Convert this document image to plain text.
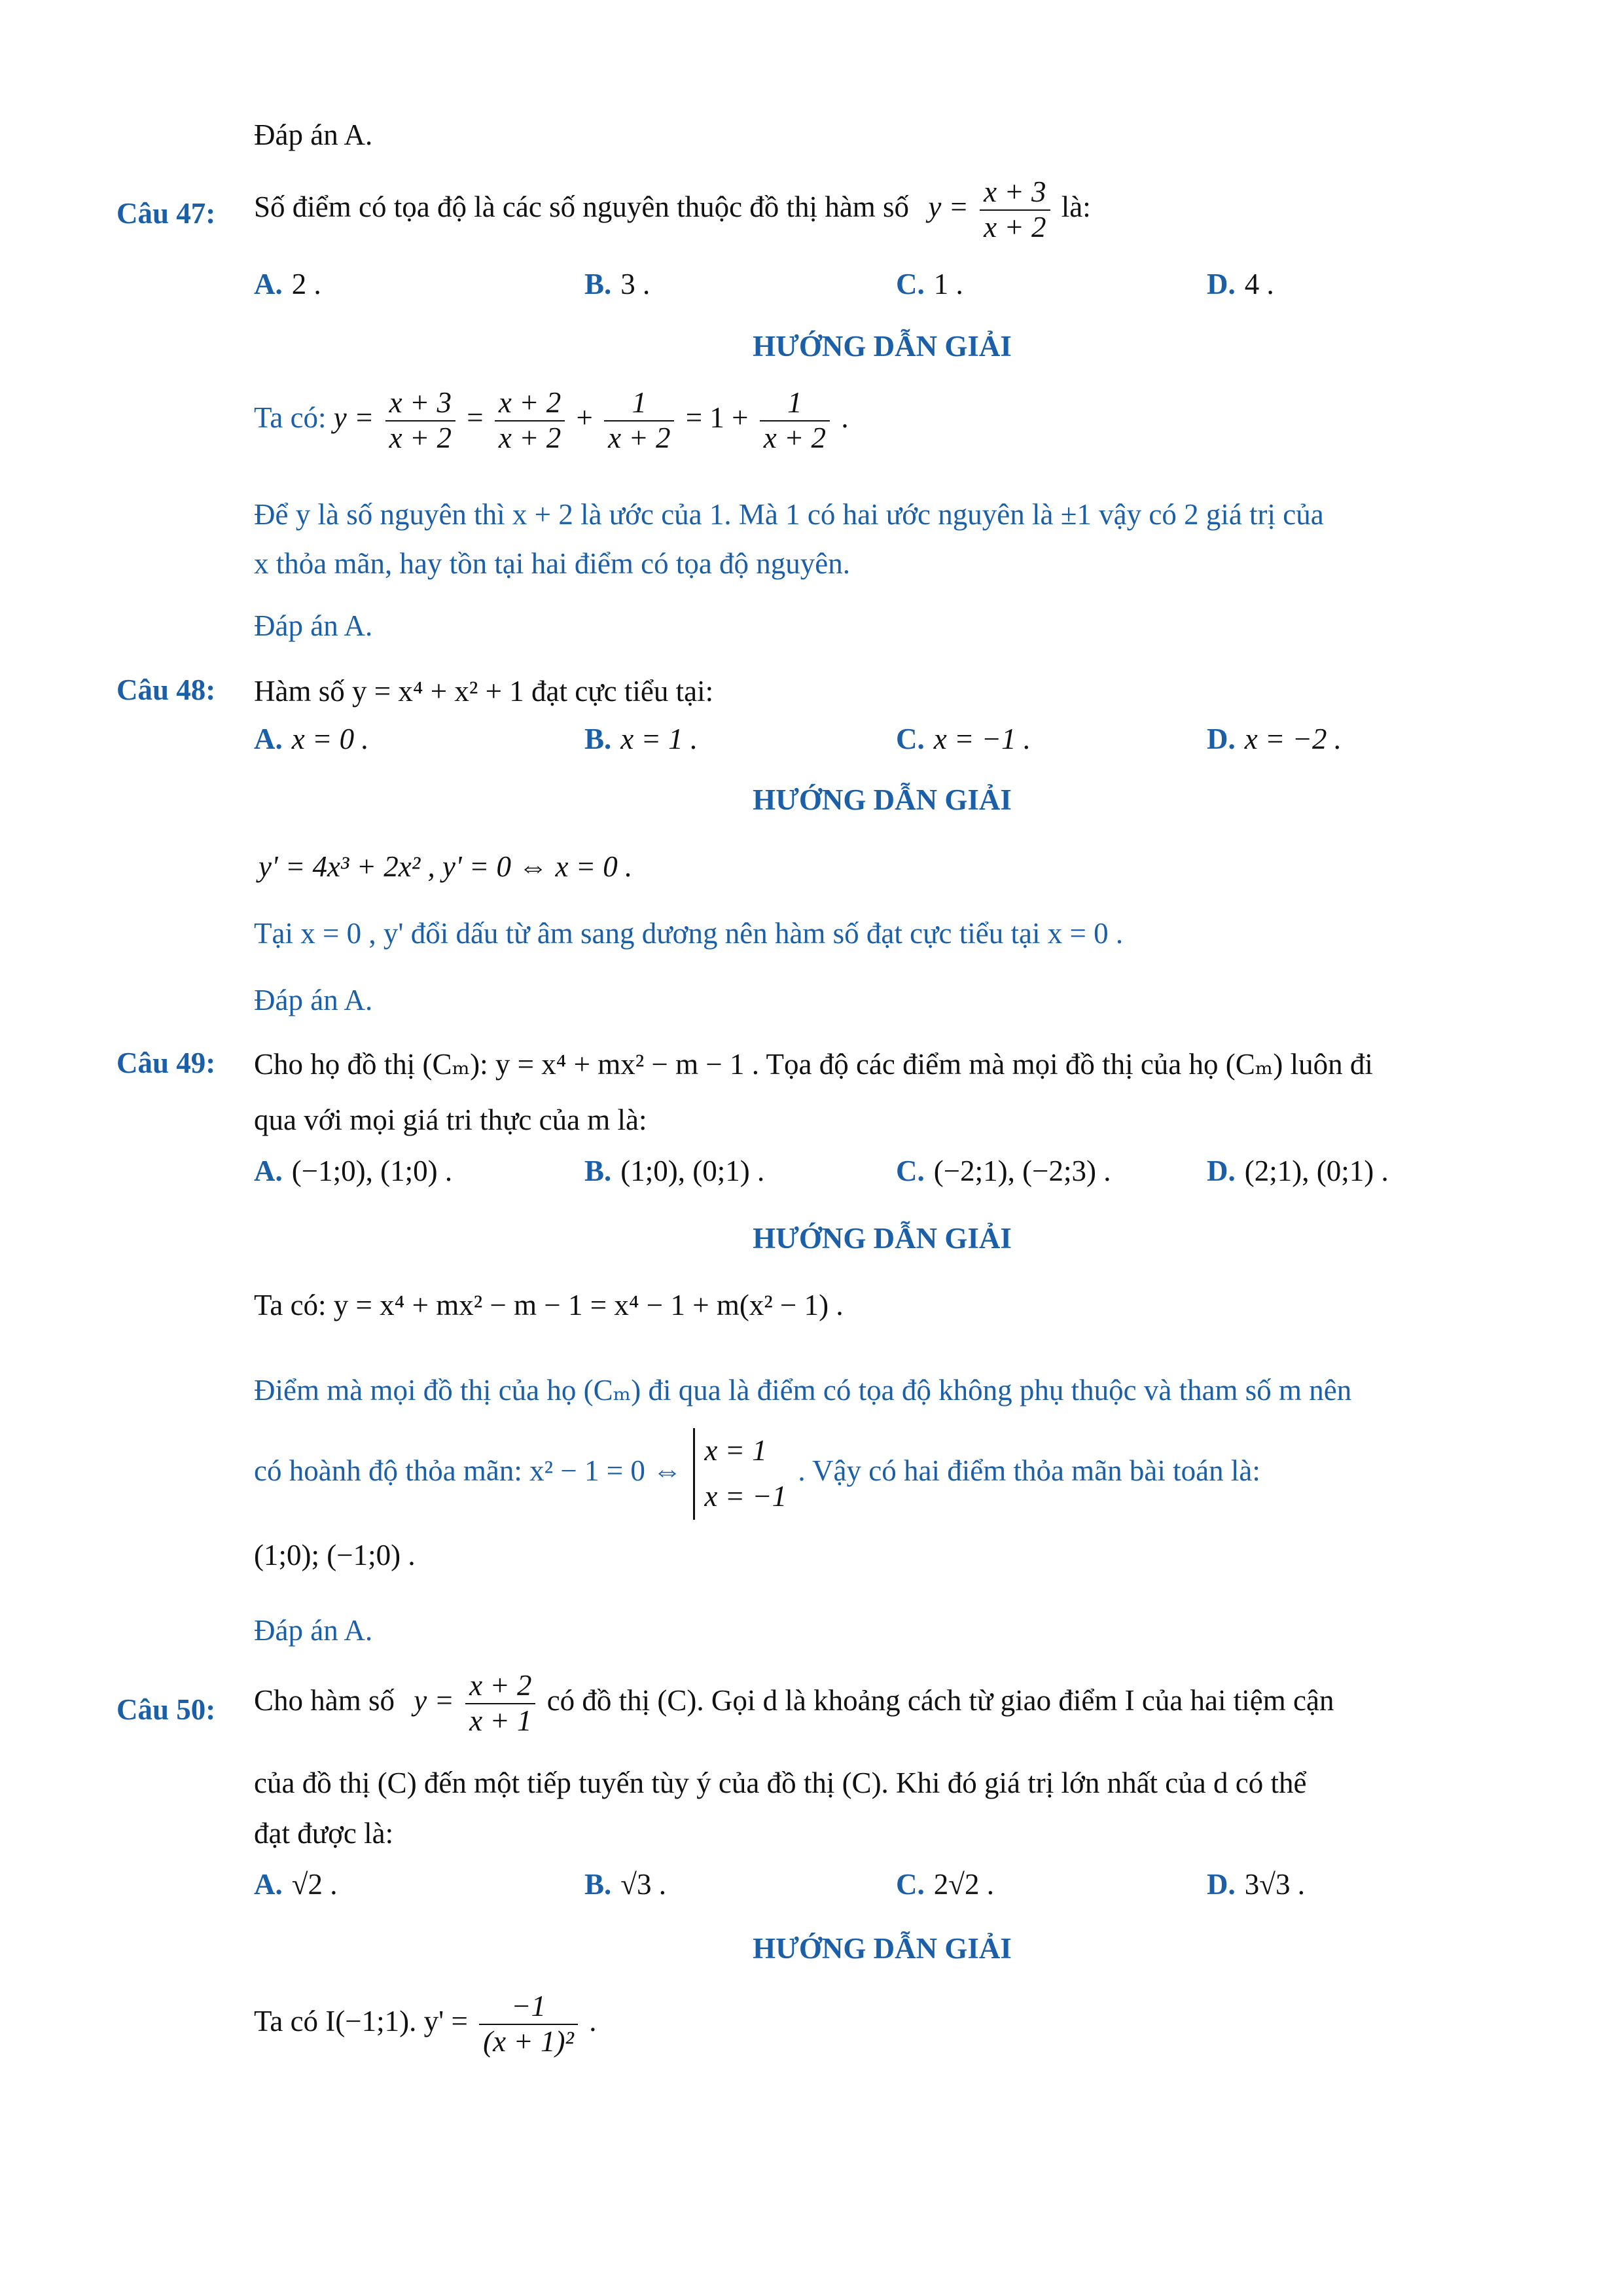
Đáp án A.
Câu 47: Số điểm có tọa độ là các số nguyên thuộc đồ thị hàm số $y = \frac{x + 3}{x + 2}$ là:
A. 2 .	B. 3 .	C. 1 .	D. 4 .
HƯỚNG DẪN GIẢI
Ta có: $y = \frac{x + 3}{x + 2} = \frac{x + 2}{x + 2} + \frac{1}{x + 2} = 1 + \frac{1}{x + 2}$ .
Để y là số nguyên thì x + 2 là ước của 1. Mà 1 có hai ước nguyên là ±1 vậy có 2 giá trị của
x thỏa mãn, hay tồn tại hai điểm có tọa độ nguyên.
Đáp án A.
Câu 48: Hàm số y = x⁴ + x² + 1 đạt cực tiểu tại:
A. x = 0 .	B. x = 1 .	C. x = −1 .	D. x = −2 .
HƯỚNG DẪN GIẢI
y' = 4x³ + 2x² , y' = 0 ⇔ x = 0 .
Tại x = 0 , y' đổi dấu từ âm sang dương nên hàm số đạt cực tiểu tại x = 0 .
Đáp án A.
Câu 49: Cho họ đồ thị (Cₘ): y = x⁴ + mx² − m − 1 . Tọa độ các điểm mà mọi đồ thị của họ (Cₘ) luôn đi
qua với mọi giá tri thực của m là:
A. (−1;0), (1;0) .	B. (1;0), (0;1) .	C. (−2;1), (−2;3) .	D. (2;1), (0;1) .
HƯỚNG DẪN GIẢI
Ta có: y = x⁴ + mx² − m − 1 = x⁴ − 1 + m(x² − 1) .
Điểm mà mọi đồ thị của họ (Cₘ) đi qua là điểm có tọa độ không phụ thuộc và tham số m nên
có hoành độ thỏa mãn: x² − 1 = 0 ⇔
x = 1
x = −1
. Vậy có hai điểm thỏa mãn bài toán là:
(1;0); (−1;0) .
Đáp án A.
Câu 50: Cho hàm số $y = \frac{x + 2}{x + 1}$ có đồ thị (C). Gọi d là khoảng cách từ giao điểm I của hai tiệm cận
của đồ thị (C) đến một tiếp tuyến tùy ý của đồ thị (C). Khi đó giá trị lớn nhất của d có thể
đạt được là:
A. √2 .	B. √3 .	C. 2√2 .	D. 3√3 .
HƯỚNG DẪN GIẢI
Ta có I(−1;1). $y' = \frac{-1}{\text{(x + 1)²}}$ .
